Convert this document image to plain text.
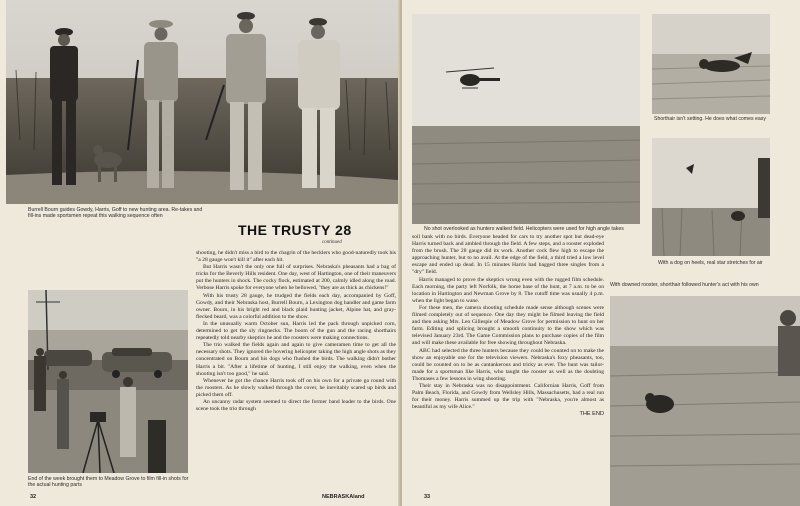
Burrell Bourn guides Gowdy, Harris, Goff to new hunting area. Re-takes and fill-ins made sportsmen repeat this walking sequence often
THE TRUSTY 28
continued
End of the week brought them to Meadow Grove to film fill-in shots for the actual hunting parts

shooting, he didn't miss a bird to the chagrin of the hecklers who good-naturedly took his "a 28 gauge won't kill it" after each hit.

But Harris wasn't the only one full of surprises. Nebraska's pheasants had a bag of tricks for the Beverly Hills resident. One day, west of Hartington, one of their maneuvers put the hunters in shock. The cocky flock, estimated at 200, calmly idled along the road. Verbose Harris spoke for everyone when he bellowed, "they are as thick as chickens!"

With his trusty 28 gauge, he trudged the fields each day, accompanied by Goff, Gowdy, and their Nebraska host, Burrell Bourn, a Lexington dog handler and game farm owner. Bourn, in his bright red and black plaid hunting jacket, Alpine hat, and gray-flecked beard, was a colorful addition to the show.

In the unusually warm October sun, Harris led the pack through unpicked corn, determined to get the sly ringnecks. The boom of the gun and the racing shorthairs repeatedly told nearby skeptics he and the roosters were making connections.

The trio walked the fields again and again to give cameramen time to get all the necessary shots. They ignored the hovering helicopter taking the high angle shots as they concentrated on Bourn and his dogs who flushed the birds. The walking didn't bother Harris a bit. "After a lifetime of hunting, I still enjoy the walking, even when the shooting isn't too good," he said.

Whenever he got the chance Harris took off on his own for a private go round with the roosters. As he slowly walked through the cover, he inevitably scared up birds and picked them off.

An uncanny radar system seemed to direct the former band leader to the birds. One scene took the trio through

32	NEBRASKAland
No shot overlooked as hunters walked field. Helicopters were used for high angle takes
Shorthair isn't setting. He does what comes easy
With a dog on heels, real star stretches for air
With downed rooster, shorthair followed hunter's act with his own

soil bank with no birds. Everyone headed for cars to try another spot but dead-eye Harris turned back and ambled through the field. A few steps, and a rooster exploded from the brush. The 28 gauge did its work. Another cock flew high to escape the approaching hunter, but to no avail. At the edge of the field, a third tried a low level escape and ended up dead. In 15 minutes Harris had bagged three singles from a "dry" field.

Harris managed to prove the skeptics wrong even with the rugged film schedule. Each morning, the party left Norfolk, the home base of the hunt, at 7 a.m. to be on location in Hartington and Newman Grove by 8. The cutoff time was usually 4 p.m. when the light began to wane.

For these men, the camera shooting schedule made sense although scenes were filmed completely out of sequence. One day they might be filmed leaving the field and then asking Mrs. Leo Gillespie of Meadow Grove for permission to hunt on her farm. Editing and splicing brought a smooth continuity to the show which was televised January 23rd. The Game Commission plans to purchase copies of the film and will make these available for free showing throughout Nebraska.

ABC had selected the three hunters because they could be counted on to make the show an enjoyable one for the television viewers. Nebraska's foxy pheasants, too, could be counted on to be as cantankerous and tricky as ever. The hunt was tailor-made for a sportsman like Harris, who taught the rooster as well as the doubting Thomases a few lessons in wing shooting.

Their stay in Nebraska was no disappointment. Californian Harris, Goff from Palm Beach, Florida, and Gowdy from Wellsley Hills, Massachusetts, had a real run for their money. Harris summed up the trip with "Nebraska, you're almost as beautiful as my wife Alice."

THE END
33
